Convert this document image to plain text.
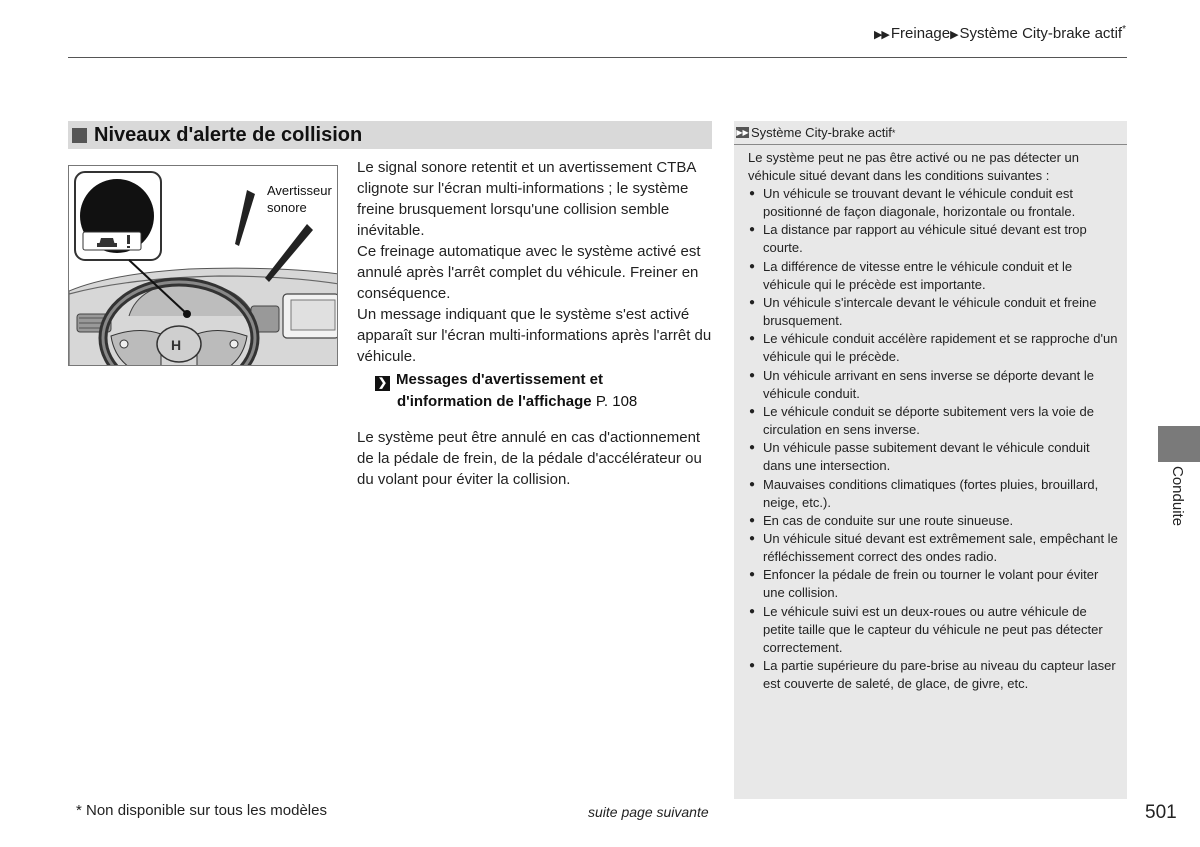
▶▶ Freinage▶ Système City-brake actif*
Niveaux d'alerte de collision
H
Avertisseur
sonore

Le signal sonore retentit et un avertissement CTBA clignote sur l'écran multi-informations ; le système freine brusquement lorsqu'une collision semble inévitable.

Ce freinage automatique avec le système activé est annulé après l'arrêt complet du véhicule. Freiner en conséquence.

Un message indiquant que le système s'est activé apparaît sur l'écran multi-informations après l'arrêt du véhicule.

❯ Messages d'avertissement et
d'information de l'affichage P. 108

Le système peut être annulé en cas d'actionnement de la pédale de frein, de la pédale d'accélérateur ou du volant pour éviter la collision.

▶▶ Système City-brake actif *
Le système peut ne pas être activé ou ne pas détecter un véhicule situé devant dans les conditions suivantes :
● Un véhicule se trouvant devant le véhicule conduit est positionné de façon diagonale, horizontale ou frontale.
● La distance par rapport au véhicule situé devant est trop courte.
● La différence de vitesse entre le véhicule conduit et le véhicule qui le précède est importante.
● Un véhicule s'intercale devant le véhicule conduit et freine brusquement.
● Le véhicule conduit accélère rapidement et se rapproche d'un véhicule qui le précède.
● Un véhicule arrivant en sens inverse se déporte devant le véhicule conduit.
● Le véhicule conduit se déporte subitement vers la voie de circulation en sens inverse.
● Un véhicule passe subitement devant le véhicule conduit dans une intersection.
● Mauvaises conditions climatiques (fortes pluies, brouillard, neige, etc.).
● En cas de conduite sur une route sinueuse.
● Un véhicule situé devant est extrêmement sale, empêchant le réfléchissement correct des ondes radio.
● Enfoncer la pédale de frein ou tourner le volant pour éviter une collision.
● Le véhicule suivi est un deux-roues ou autre véhicule de petite taille que le capteur du véhicule ne peut pas détecter correctement.
● La partie supérieure du pare-brise au niveau du capteur laser est couverte de saleté, de glace, de givre, etc.
Conduite
* Non disponible sur tous les modèles	suite page suivante	501
